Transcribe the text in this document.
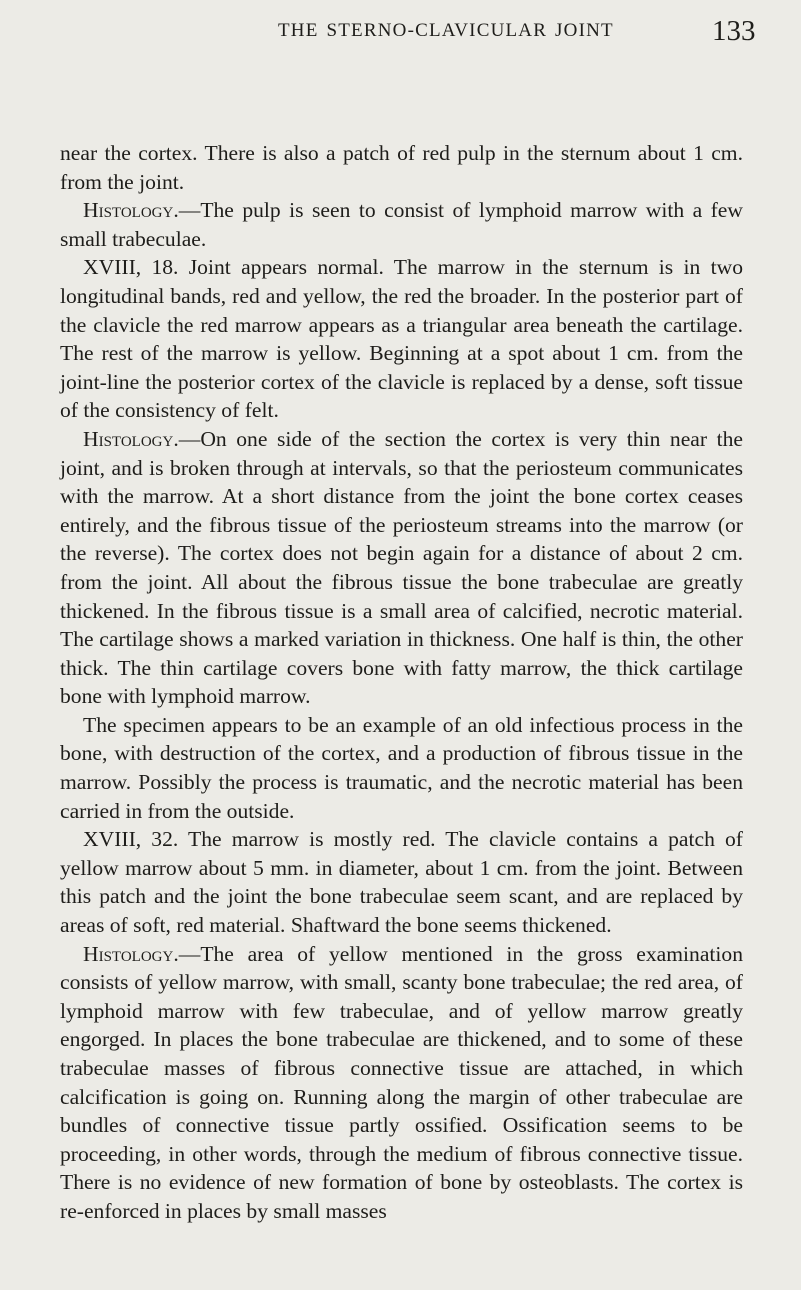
THE STERNO-CLAVICULAR JOINT	133

near the cortex. There is also a patch of red pulp in the sternum about 1 cm. from the joint.

Histology.—The pulp is seen to consist of lymphoid marrow with a few small trabeculae.

XVIII, 18. Joint appears normal. The marrow in the sternum is in two longitudinal bands, red and yellow, the red the broader. In the posterior part of the clavicle the red marrow appears as a triangular area beneath the cartilage. The rest of the marrow is yellow. Beginning at a spot about 1 cm. from the joint-line the posterior cortex of the clavicle is replaced by a dense, soft tissue of the consistency of felt.

Histology.—On one side of the section the cortex is very thin near the joint, and is broken through at intervals, so that the periosteum communicates with the marrow. At a short distance from the joint the bone cortex ceases entirely, and the fibrous tissue of the periosteum streams into the marrow (or the reverse). The cortex does not begin again for a distance of about 2 cm. from the joint. All about the fibrous tissue the bone trabeculae are greatly thickened. In the fibrous tissue is a small area of calcified, necrotic material. The cartilage shows a marked variation in thickness. One half is thin, the other thick. The thin cartilage covers bone with fatty marrow, the thick cartilage bone with lymphoid marrow.

The specimen appears to be an example of an old infectious process in the bone, with destruction of the cortex, and a production of fibrous tissue in the marrow. Possibly the process is traumatic, and the necrotic material has been carried in from the outside.

XVIII, 32. The marrow is mostly red. The clavicle contains a patch of yellow marrow about 5 mm. in diameter, about 1 cm. from the joint. Between this patch and the joint the bone trabeculae seem scant, and are replaced by areas of soft, red material. Shaftward the bone seems thickened.

Histology.—The area of yellow mentioned in the gross examination consists of yellow marrow, with small, scanty bone trabeculae; the red area, of lymphoid marrow with few trabeculae, and of yellow marrow greatly engorged. In places the bone trabeculae are thickened, and to some of these trabeculae masses of fibrous connective tissue are attached, in which calcification is going on. Running along the margin of other trabeculae are bundles of connective tissue partly ossified. Ossification seems to be proceeding, in other words, through the medium of fibrous connective tissue. There is no evidence of new formation of bone by osteoblasts. The cortex is re-enforced in places by small masses
